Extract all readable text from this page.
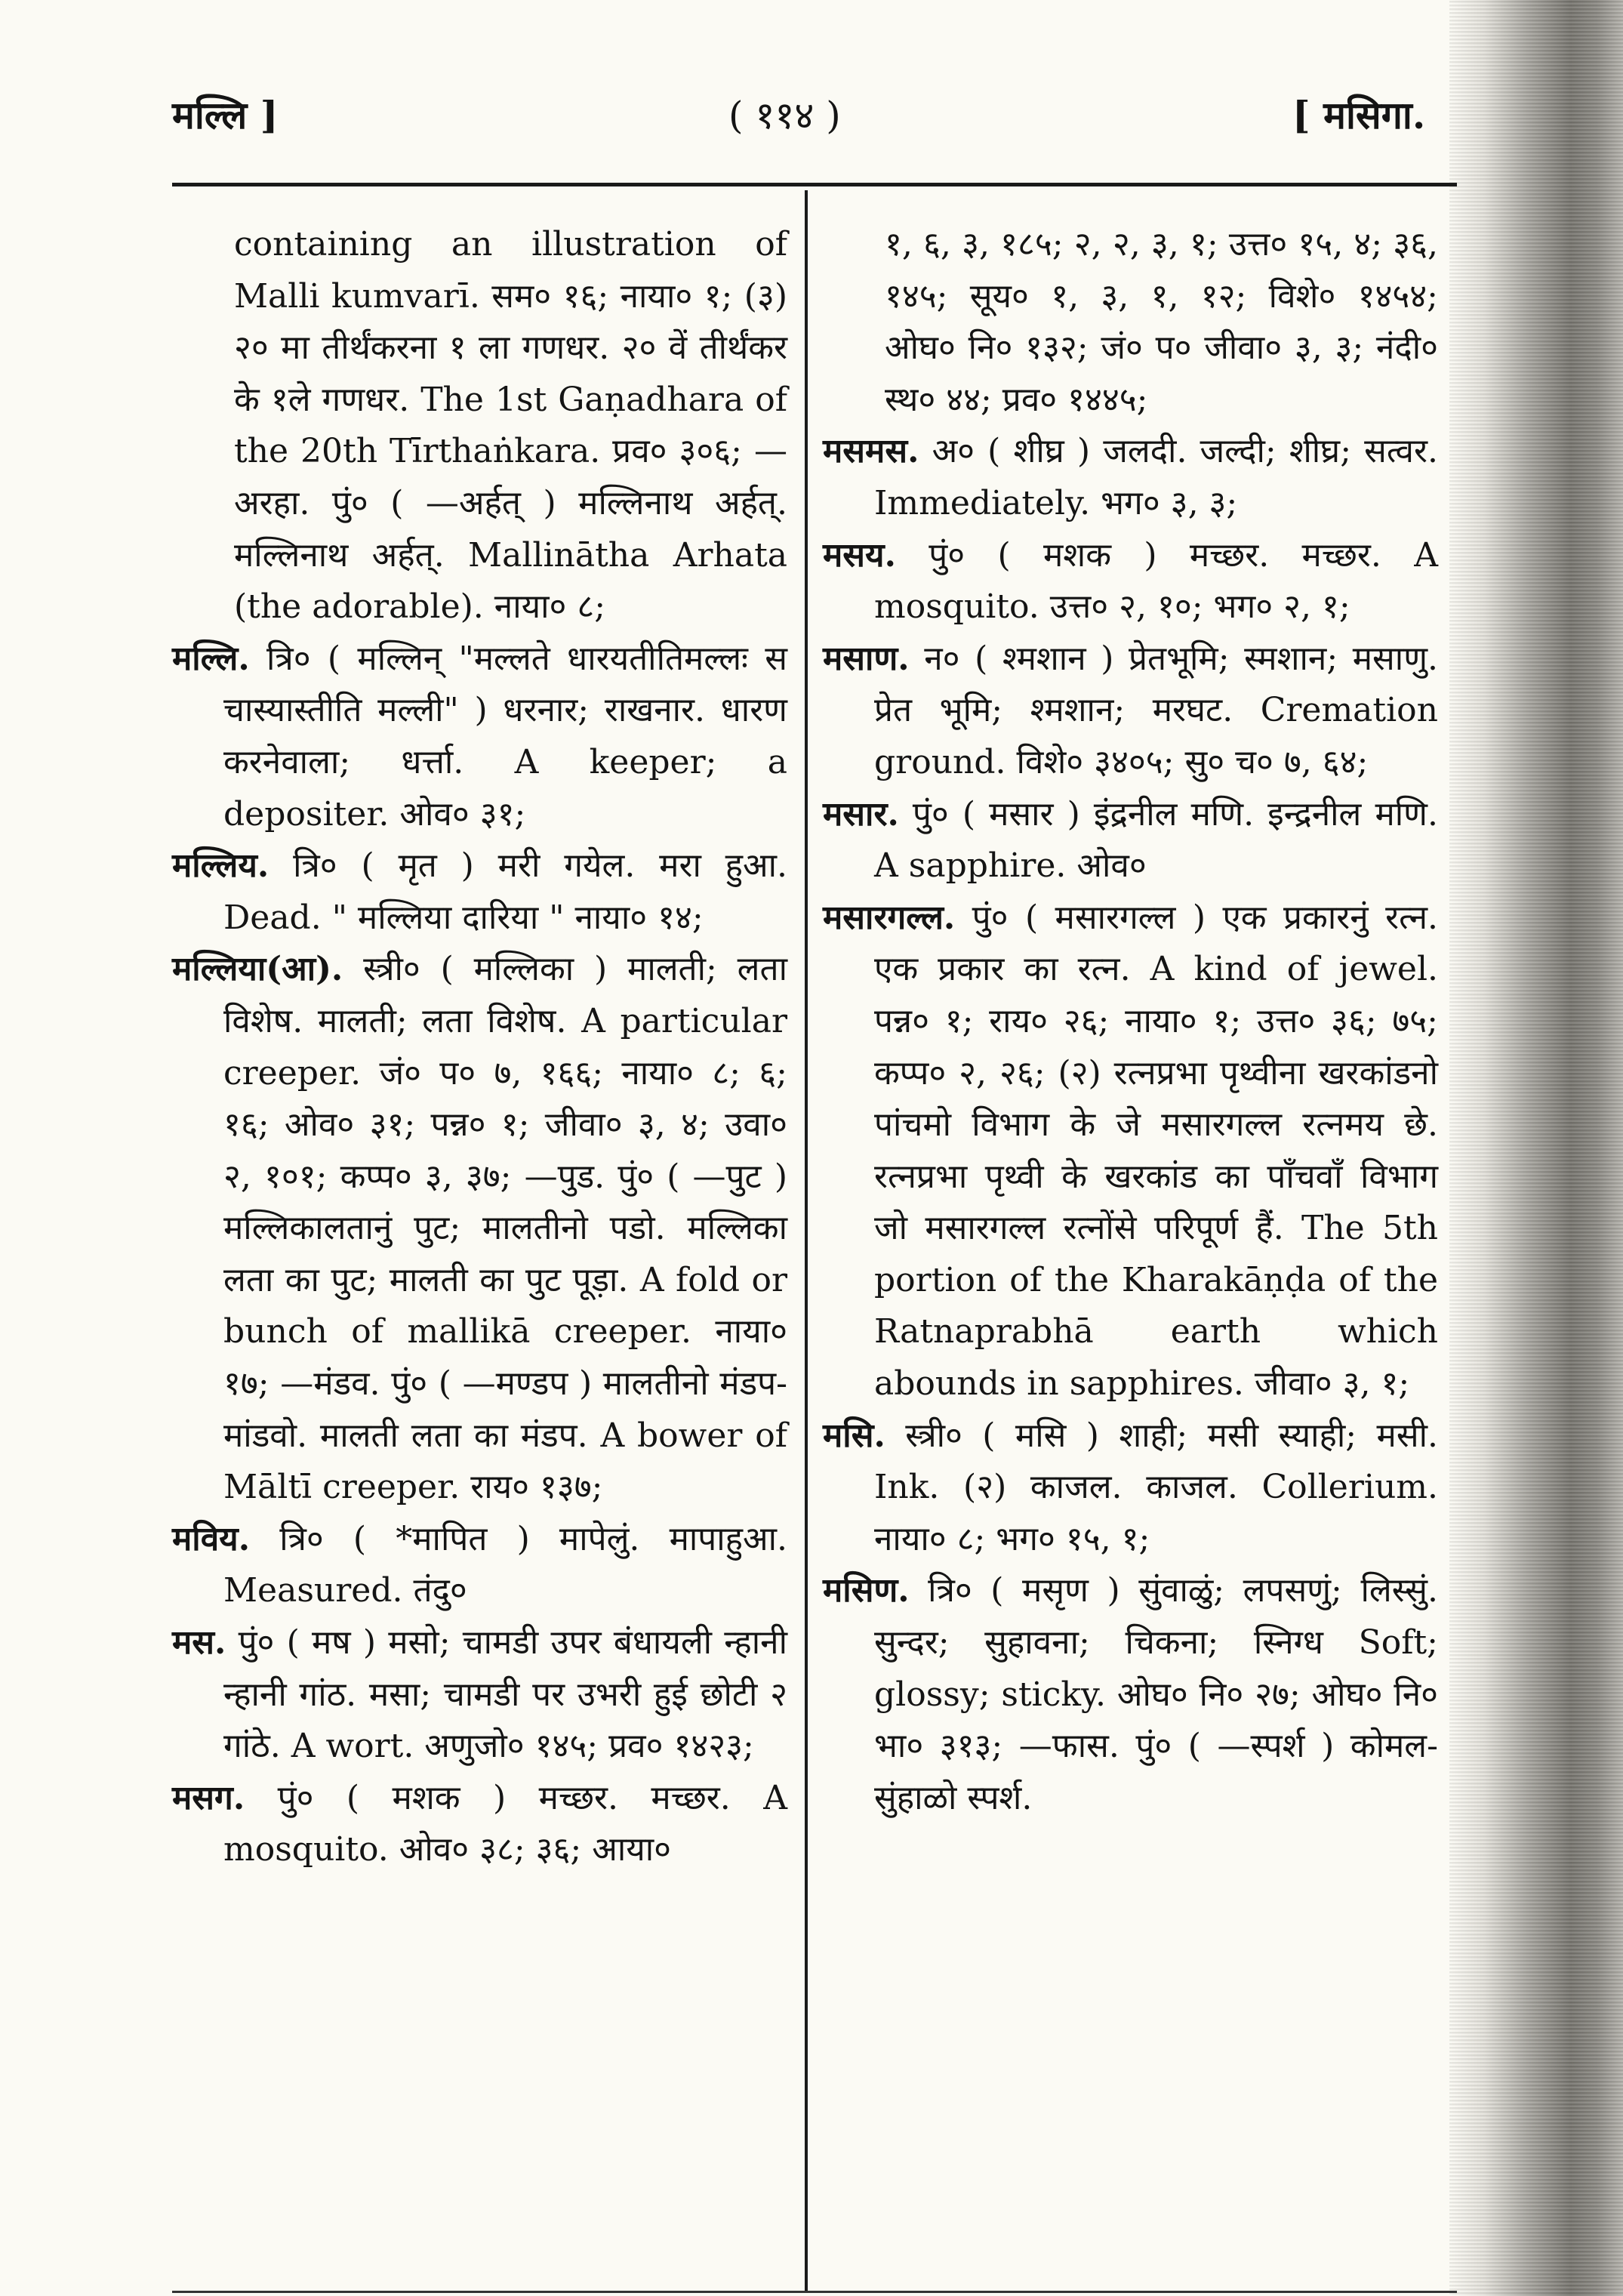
मल्लि ]	( ११४ )	[ मसिगा.

containing an illustration of Malli kumvarī. सम० १६; नाया० १; (३) २० मा तीर्थंकरना १ ला गणधर. २० वें तीर्थंकर के १ले गणधर. The 1st Gaṇadhara of the 20th Tīrthaṅkara. प्रव० ३०६; —अरहा. पुं० ( —अर्हत् ) मल्लिनाथ अर्हत्. मल्लिनाथ अर्हत्. Mallinātha Arhata (the adorable). नाया० ८;

मल्लि. त्रि० ( मल्लिन् "मल्लते धारयतीतिमल्लः स चास्यास्तीति मल्ली" ) धरनार; राखनार. धारण करनेवाला; धर्त्ता. A keeper; a depositer. ओव० ३१;

मल्लिय. त्रि० ( मृत ) मरी गयेल. मरा हुआ. Dead. " मल्लिया दारिया " नाया० १४;

मल्लिया(आ). स्त्री० ( मल्लिका ) मालती; लता विशेष. मालती; लता विशेष. A particular creeper. जं० प० ७, १६६; नाया० ८; ६; १६; ओव० ३१; पन्न० १; जीवा० ३, ४; उवा० २, १०१; कप्प० ३, ३७; —पुड. पुं० ( —पुट ) मल्लिकालतानुं पुट; मालतीनो पडो. मल्लिका लता का पुट; मालती का पुट पूड़ा. A fold or bunch of mallikā creeper. नाया० १७; —मंडव. पुं० ( —मण्डप ) मालतीनो मंडप-मांडवो. मालती लता का मंडप. A bower of Māltī creeper. राय० १३७;

मविय. त्रि० ( *मापित ) मापेलुं. मापाहुआ. Measured. तंदु०

मस. पुं० ( मष ) मसो; चामडी उपर बंधायली न्हानी न्हानी गांठ. मसा; चामडी पर उभरी हुई छोटी २ गांठे. A wort. अणुजो० १४५; प्रव० १४२३;

मसग. पुं० ( मशक ) मच्छर. मच्छर. A mosquito. ओव० ३८; ३६; आया०

१, ६, ३, १८५; २, २, ३, १; उत्त० १५, ४; ३६, १४५; सूय० १, ३, १, १२; विशे० १४५४; ओघ० नि० १३२; जं० प० जीवा० ३, ३; नंदी० स्थ० ४४; प्रव० १४४५;

मसमस. अ० ( शीघ्र ) जलदी. जल्दी; शीघ्र; सत्वर. Immediately. भग० ३, ३;

मसय. पुं० ( मशक ) मच्छर. मच्छर. A mosquito. उत्त० २, १०; भग० २, १;

मसाण. न० ( श्मशान ) प्रेतभूमि; स्मशान; मसाणु. प्रेत भूमि; श्मशान; मरघट. Cremation ground. विशे० ३४०५; सु० च० ७, ६४;

मसार. पुं० ( मसार ) इंद्रनील मणि. इन्द्रनील मणि. A sapphire. ओव०

मसारगल्ल. पुं० ( मसारगल्ल ) एक प्रकारनुं रत्न. एक प्रकार का रत्न. A kind of jewel. पन्न० १; राय० २६; नाया० १; उत्त० ३६; ७५; कप्प० २, २६; (२) रत्नप्रभा पृथ्वीना खरकांडनो पांचमो विभाग के जे मसारगल्ल रत्नमय छे. रत्नप्रभा पृथ्वी के खरकांड का पाँचवाँ विभाग जो मसारगल्ल रत्नोंसे परिपूर्ण हैं. The 5th portion of the Kharakāṇḍa of the Ratnaprabhā earth which abounds in sapphires. जीवा० ३, १;

मसि. स्त्री० ( मसि ) शाही; मसी स्याही; मसी. Ink. (२) काजल. काजल. Collerium. नाया० ८; भग० १५, १;

मसिण. त्रि० ( मसृण ) सुंवाळुं; लपसणुं; लिस्सुं. सुन्दर; सुहावना; चिकना; स्निग्ध Soft; glossy; sticky. ओघ० नि० २७; ओघ० नि० भा० ३१३; —फास. पुं० ( —स्पर्श ) कोमल-सुंहाळो स्पर्श.
